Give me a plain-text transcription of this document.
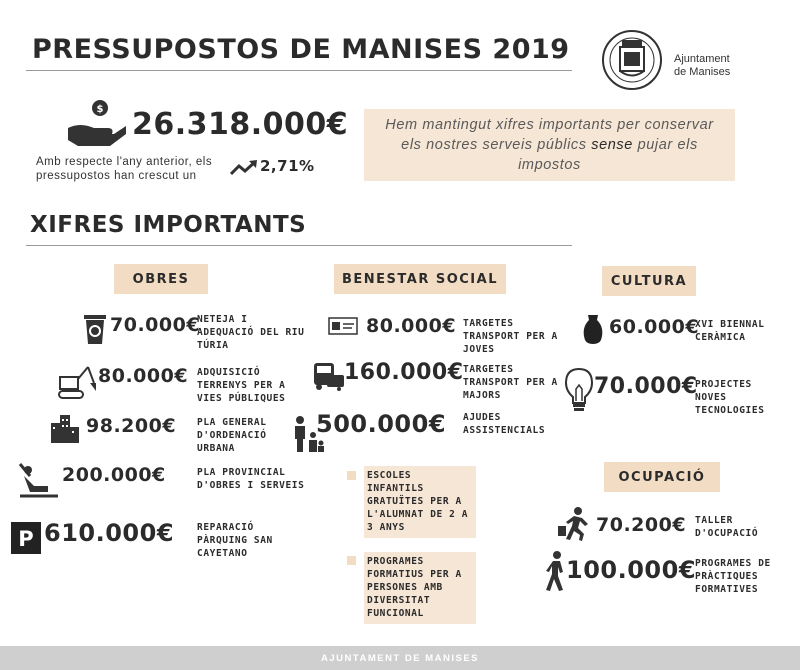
PRESSUPOSTOS DE MANISES 2019	Ajuntament
de Manises
$ 26.318.000€
Amb respecte l'any anterior, els pressupostos han crescut un
2,71%
Hem mantingut xifres importants per conservar els nostres serveis públics sense pujar els impostos
XIFRES IMPORTANTS
OBRES	BENESTAR SOCIAL	CULTURA
OCUPACIÓ
70.000€
NETEJA I ADEQUACIÓ DEL RIU TÚRIA
80.000€ ADQUISICIÓ TERRENYS PER A VIES PÚBLIQUES
98.200€ PLA GENERAL D'ORDENACIÓ URBANA
200.000€	PLA PROVINCIAL D'OBRES I SERVEIS
P 610.000€ REPARACIÓ PÀRQUING SAN CAYETANO
80.000€ TARGETES TRANSPORT PER A JOVES
160.000€ TARGETES TRANSPORT PER A MAJORS
500.000€ AJUDES ASSISTENCIALS
ESCOLES INFANTILS GRATUÏTES PER A L'ALUMNAT DE 2 A 3 ANYS
PROGRAMES FORMATIUS PER A PERSONES AMB DIVERSITAT FUNCIONAL
60.000€
XVI BIENNAL CERÀMICA
70.000€
PROJECTES NOVES TECNOLOGIES
70.200€ TALLER D'OCUPACIÓ
100.000€
PROGRAMES DE PRÀCTIQUES FORMATIVES
AJUNTAMENT DE MANISES
